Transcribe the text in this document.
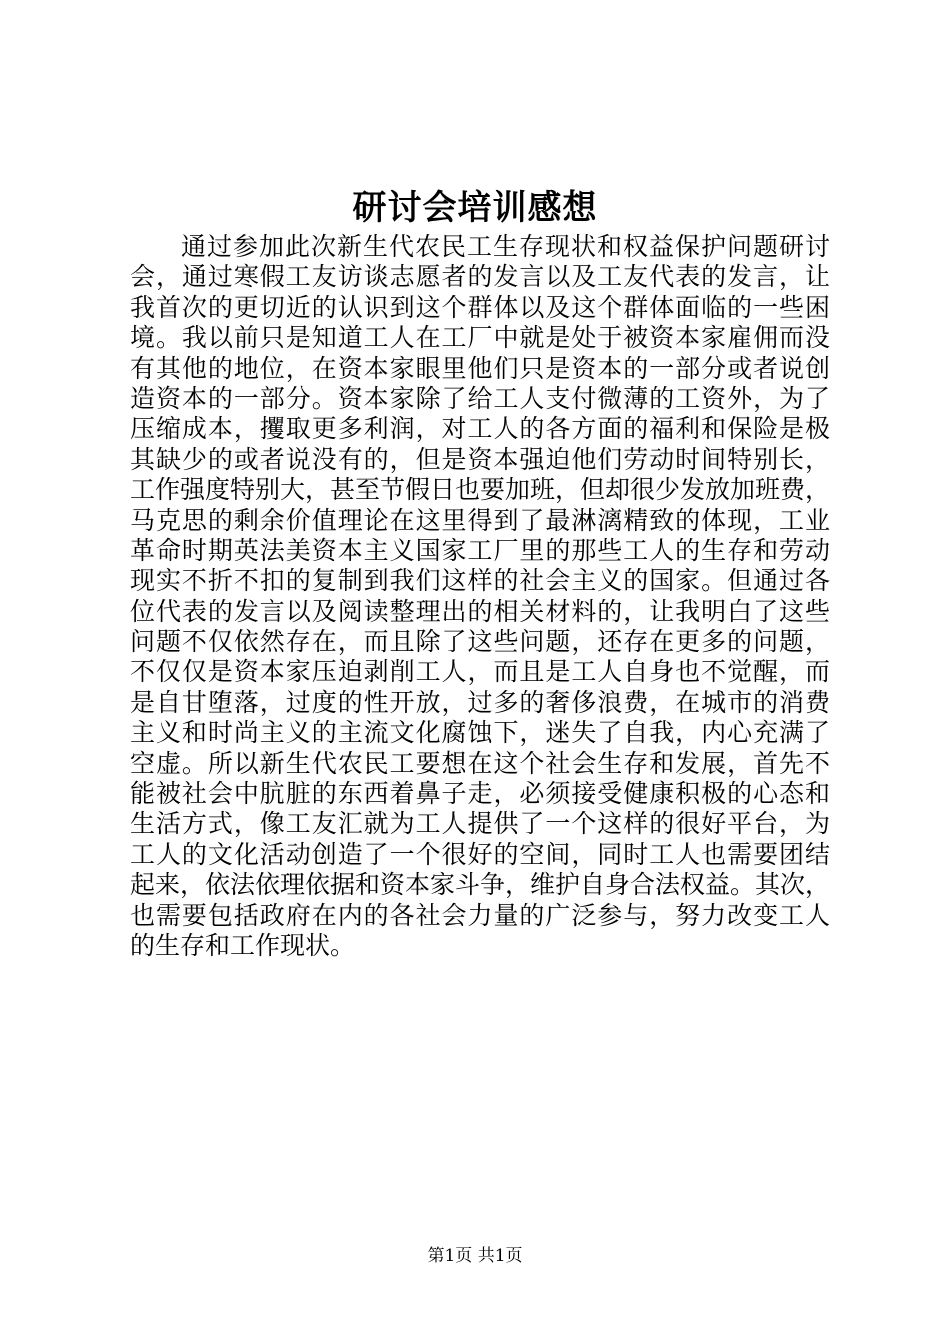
研讨会培训感想
通过参加此次新生代农民工生存现状和权益保护问题研讨
会，通过寒假工友访谈志愿者的发言以及工友代表的发言，让
我首次的更切近的认识到这个群体以及这个群体面临的一些困
境。我以前只是知道工人在工厂中就是处于被资本家雇佣而没
有其他的地位，在资本家眼里他们只是资本的一部分或者说创
造资本的一部分。资本家除了给工人支付微薄的工资外，为了
压缩成本，攫取更多利润，对工人的各方面的福利和保险是极
其缺少的或者说没有的，但是资本强迫他们劳动时间特别长，
工作强度特别大，甚至节假日也要加班，但却很少发放加班费，
马克思的剩余价值理论在这里得到了最淋漓精致的体现，工业
革命时期英法美资本主义国家工厂里的那些工人的生存和劳动
现实不折不扣的复制到我们这样的社会主义的国家。但通过各
位代表的发言以及阅读整理出的相关材料的，让我明白了这些
问题不仅依然存在，而且除了这些问题，还存在更多的问题，
不仅仅是资本家压迫剥削工人，而且是工人自身也不觉醒，而
是自甘堕落，过度的性开放，过多的奢侈浪费，在城市的消费
主义和时尚主义的主流文化腐蚀下，迷失了自我，内心充满了
空虚。所以新生代农民工要想在这个社会生存和发展，首先不
能被社会中肮脏的东西着鼻子走，必须接受健康积极的心态和
生活方式，像工友汇就为工人提供了一个这样的很好平台，为
工人的文化活动创造了一个很好的空间，同时工人也需要团结
起来，依法依理依据和资本家斗争，维护自身合法权益。其次，
也需要包括政府在内的各社会力量的广泛参与，努力改变工人
的生存和工作现状。
第1页 共1页
